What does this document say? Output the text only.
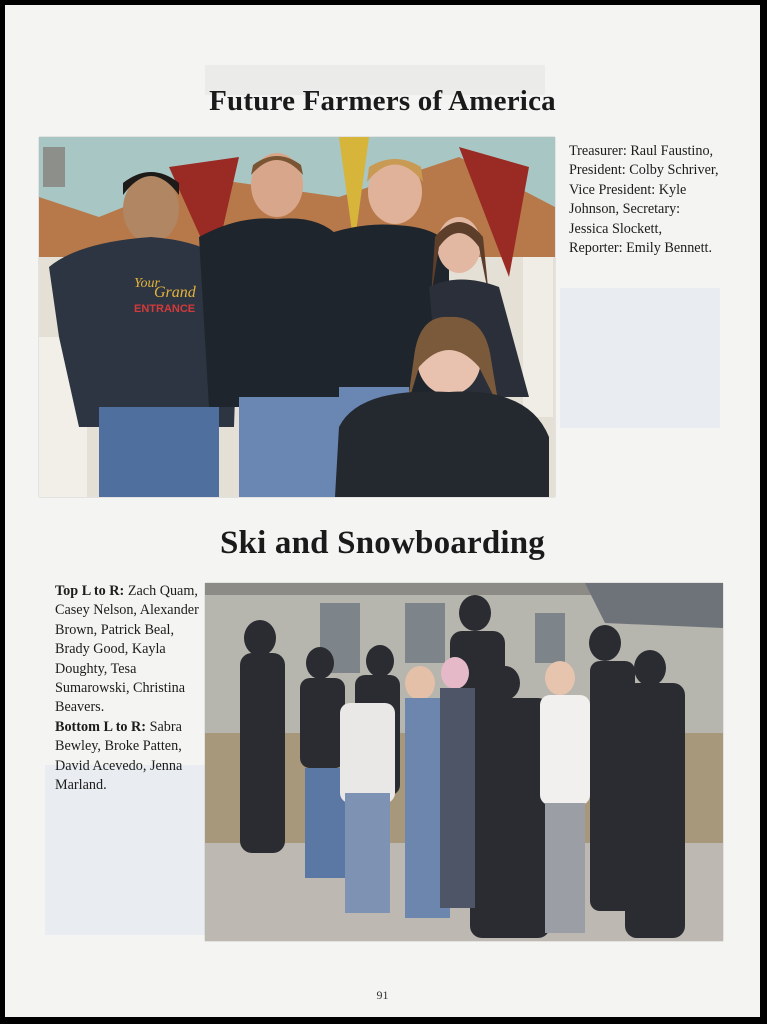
Future Farmers of America
Your
Grand
ENTRANCE
Treasurer: Raul Faustino, President: Colby Schriver, Vice President: Kyle Johnson, Secretary: Jessica Slockett, Reporter: Emily Bennett.
Ski and Snowboarding
Top L to R: Zach Quam, Casey Nelson, Alexander Brown, Patrick Beal, Brady Good, Kayla Doughty, Tesa Sumarowski, Christina Beavers.
Bottom L to R: Sabra Bewley, Broke Patten, David Acevedo, Jenna Marland.
91
